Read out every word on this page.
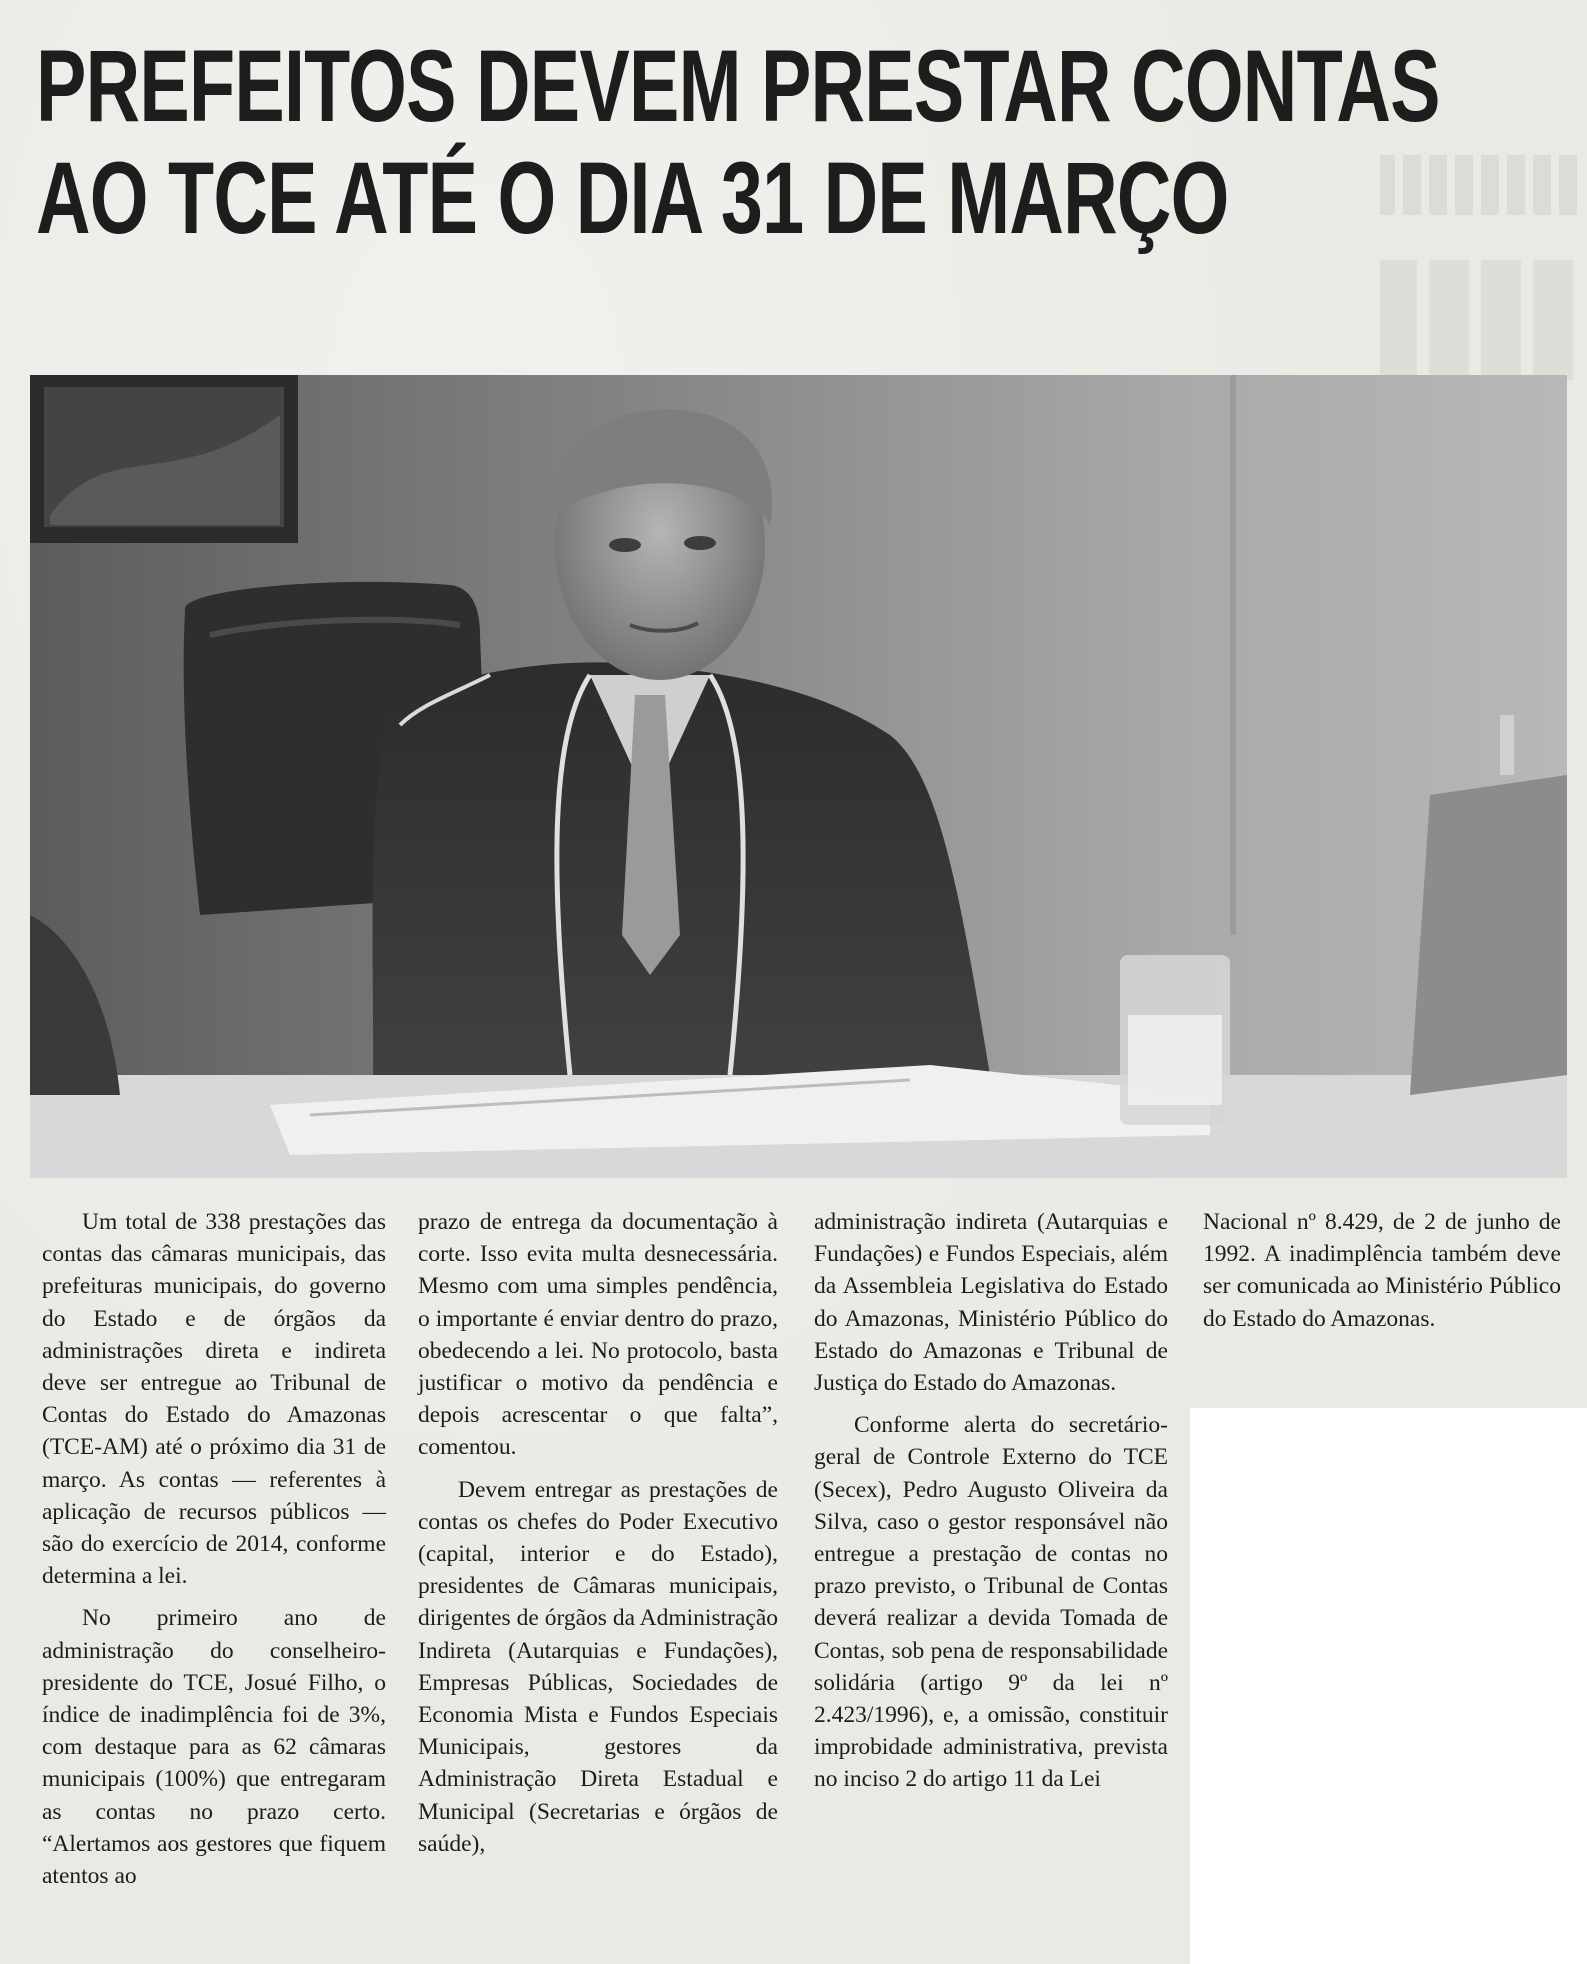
PREFEITOS DEVEM PRESTAR CONTAS
AO TCE ATÉ O DIA 31 DE MARÇO

Um total de 338 prestações das contas das câmaras municipais, das prefeituras municipais, do governo do Estado e de órgãos da administrações direta e indireta deve ser entregue ao Tribunal de Contas do Estado do Amazonas (TCE-AM) até o próximo dia 31 de março. As contas — referentes à aplicação de recursos públicos — são do exercício de 2014, conforme determina a lei.

No primeiro ano de administração do conselheiro-presidente do TCE, Josué Filho, o índice de inadimplência foi de 3%, com destaque para as 62 câmaras municipais (100%) que entregaram as contas no prazo certo. “Alertamos aos gestores que fiquem atentos ao

prazo de entrega da documentação à corte. Isso evita multa desnecessária. Mesmo com uma simples pendência, o importante é enviar dentro do prazo, obedecendo a lei. No protocolo, basta justificar o motivo da pendência e depois acrescentar o que falta”, comentou.

Devem entregar as prestações de contas os chefes do Poder Executivo (capital, interior e do Estado), presidentes de Câmaras municipais, dirigentes de órgãos da Administração Indireta (Autarquias e Fundações), Empresas Públicas, Sociedades de Economia Mista e Fundos Especiais Municipais, gestores da Administração Direta Estadual e Municipal (Secretarias e órgãos de saúde),

administração indireta (Autarquias e Fundações) e Fundos Especiais, além da Assembleia Legislativa do Estado do Amazonas, Ministério Público do Estado do Amazonas e Tribunal de Justiça do Estado do Amazonas.

Conforme alerta do secretário-geral de Controle Externo do TCE (Secex), Pedro Augusto Oliveira da Silva, caso o gestor responsável não entregue a prestação de contas no prazo previsto, o Tribunal de Contas deverá realizar a devida Tomada de Contas, sob pena de responsabilidade solidária (artigo 9º da lei nº 2.423/1996), e, a omissão, constituir improbidade administrativa, prevista no inciso 2 do artigo 11 da Lei

Nacional nº 8.429, de 2 de junho de 1992. A inadimplência também deve ser comunicada ao Ministério Público do Estado do Amazonas.
